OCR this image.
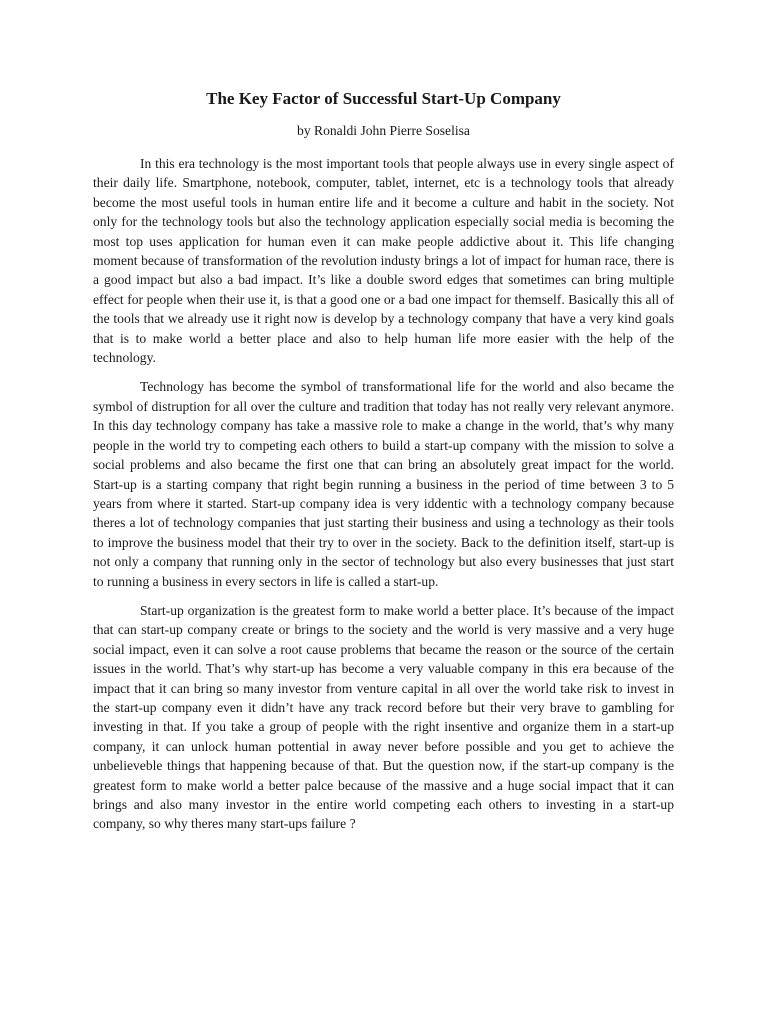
The Key Factor of Successful Start-Up Company
by Ronaldi John Pierre Soselisa

In this era technology is the most important tools that people always use in every single aspect of their daily life. Smartphone, notebook, computer, tablet, internet, etc is a technology tools that already become the most useful tools in human entire life and it become a culture and habit in the society. Not only for the technology tools but also the technology application especially social media is becoming the most top uses application for human even it can make people addictive about it. This life changing moment because of transformation of the revolution industy brings a lot of impact for human race, there is a good impact but also a bad impact. It’s like a double sword edges that sometimes can bring multiple effect for people when their use it, is that a good one or a bad one impact for themself. Basically this all of the tools that we already use it right now is develop by a technology company that have a very kind goals that is to make world a better place and also to help human life more easier with the help of the technology.

Technology has become the symbol of transformational life for the world and also became the symbol of distruption for all over the culture and tradition that today has not really very relevant anymore. In this day technology company has take a massive role to make a change in the world, that’s why many people in the world try to competing each others to build a start-up company with the mission to solve a social problems and also became the first one that can bring an absolutely great impact for the world. Start-up is a starting company that right begin running a business in the period of time between 3 to 5 years from where it started. Start-up company idea is very iddentic with a technology company because theres a lot of technology companies that just starting their business and using a technology as their tools to improve the business model that their try to over in the society. Back to the definition itself, start-up is not only a company that running only in the sector of technology but also every businesses that just start to running a business in every sectors in life is called a start-up.

Start-up organization is the greatest form to make world a better place. It’s because of the impact that can start-up company create or brings to the society and the world is very massive and a very huge social impact, even it can solve a root cause problems that became the reason or the source of the certain issues in the world. That’s why start-up has become a very valuable company in this era because of the impact that it can bring so many investor from venture capital in all over the world take risk to invest in the start-up company even it didn’t have any track record before but their very brave to gambling for investing in that. If you take a group of people with the right insentive and organize them in a start-up company, it can unlock human pottential in away never before possible and you get to achieve the unbelieveble things that happening because of that. But the question now, if the start-up company is the greatest form to make world a better palce because of the massive and a huge social impact that it can brings and also many investor in the entire world competing each others to investing in a start-up company, so why theres many start-ups failure ?
